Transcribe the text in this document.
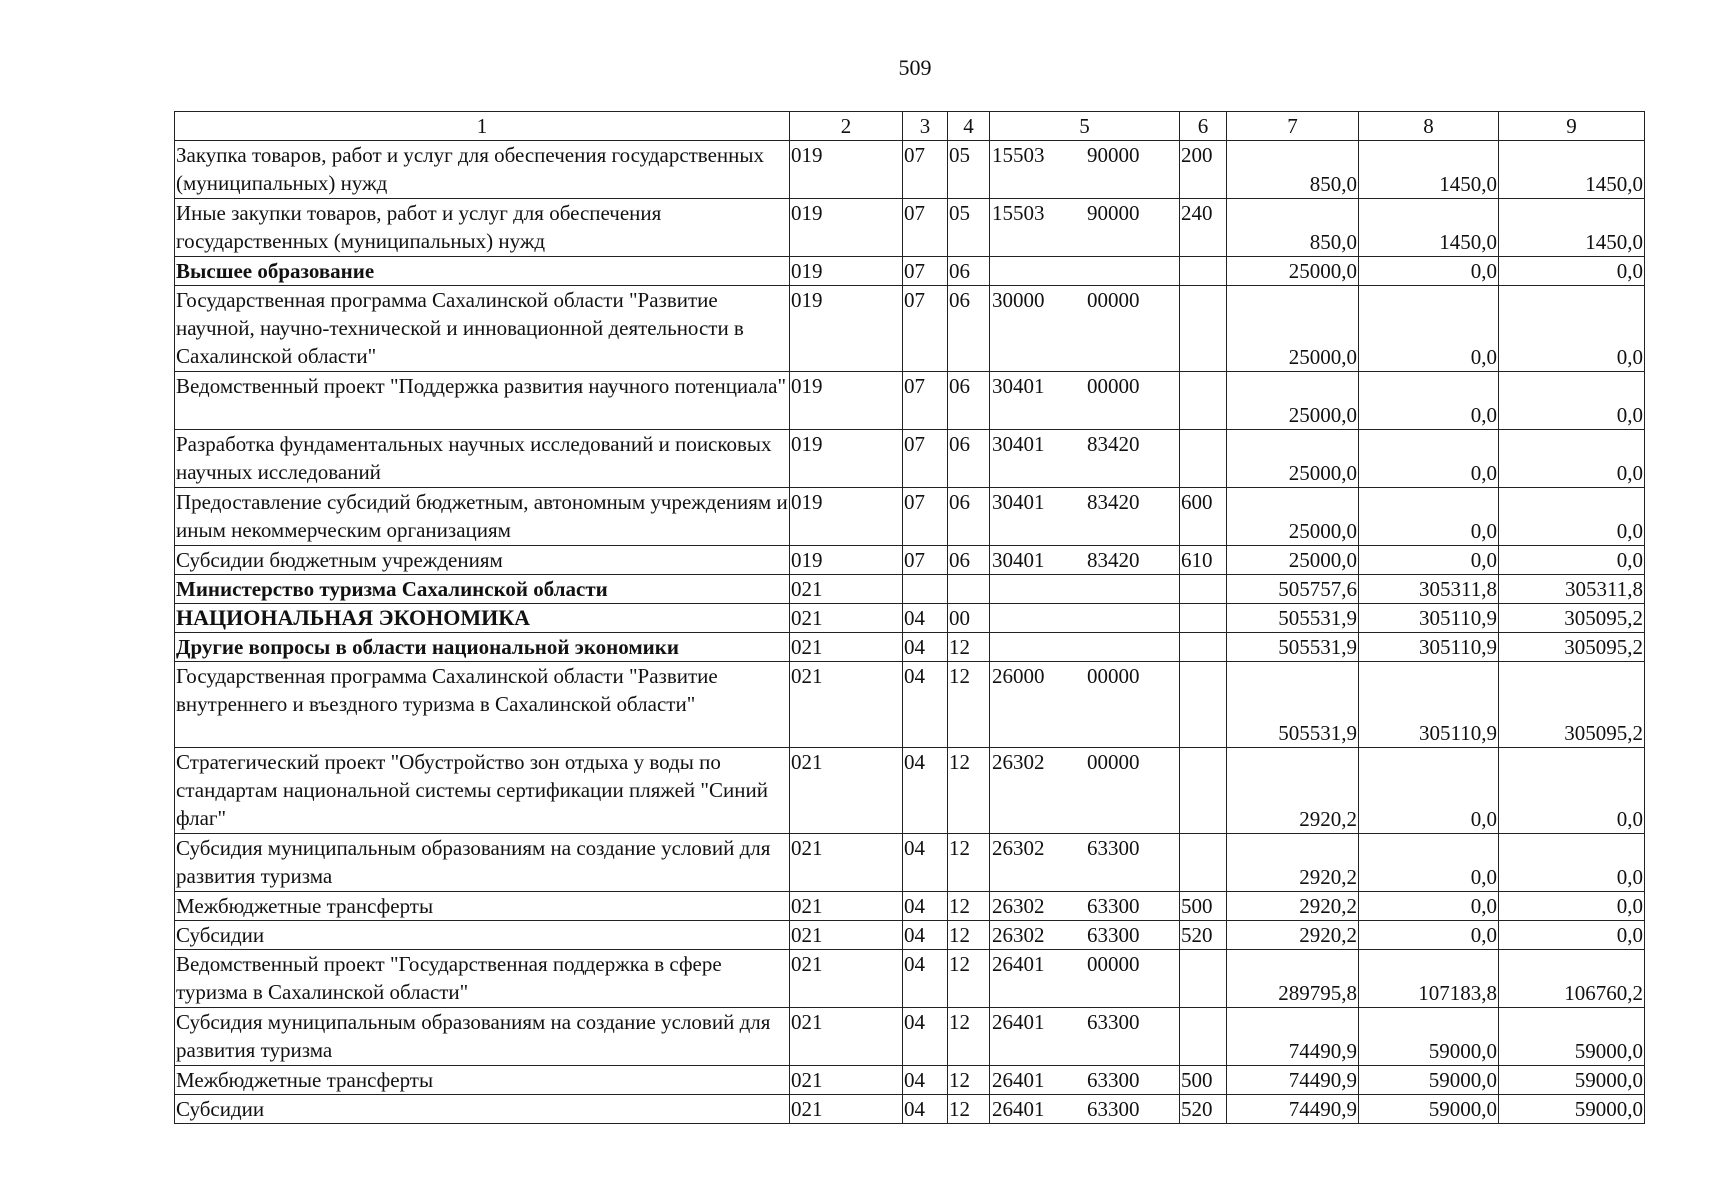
509
1	2	3	4	5	6	7	8	9
Закупка товаров, работ и услуг для обеспечения государственных (муниципальных) нужд	019	07	05	15503 90000	200	850,0	1450,0	1450,0
Иные закупки товаров, работ и услуг для обеспечения государственных (муниципальных) нужд	019	07	05	15503 90000	240	850,0	1450,0	1450,0
Высшее образование	019	07	06			25000,0	0,0	0,0
Государственная программа Сахалинской области "Развитие научной, научно-технической и инновационной деятельности в Сахалинской области"	019	07	06	30000 00000		25000,0	0,0	0,0
Ведомственный проект "Поддержка развития научного потенциала"	019	07	06	30401 00000		25000,0	0,0	0,0
Разработка фундаментальных научных исследований и поисковых научных исследований	019	07	06	30401 83420		25000,0	0,0	0,0
Предоставление субсидий бюджетным, автономным учреждениям и иным некоммерческим организациям	019	07	06	30401 83420	600	25000,0	0,0	0,0
Субсидии бюджетным учреждениям	019	07	06	30401 83420	610	25000,0	0,0	0,0
Министерство туризма Сахалинской области	021					505757,6	305311,8	305311,8
НАЦИОНАЛЬНАЯ ЭКОНОМИКА	021	04	00			505531,9	305110,9	305095,2
Другие вопросы в области национальной экономики	021	04	12			505531,9	305110,9	305095,2
Государственная программа Сахалинской области "Развитие внутреннего и въездного туризма в Сахалинской области"	021	04	12	26000 00000		505531,9	305110,9	305095,2
Стратегический проект "Обустройство зон отдыха у воды по стандартам национальной системы сертификации пляжей "Синий флаг"	021	04	12	26302 00000		2920,2	0,0	0,0
Субсидия муниципальным образованиям на создание условий для развития туризма	021	04	12	26302 63300		2920,2	0,0	0,0
Межбюджетные трансферты	021	04	12	26302 63300	500	2920,2	0,0	0,0
Субсидии	021	04	12	26302 63300	520	2920,2	0,0	0,0
Ведомственный проект "Государственная поддержка в сфере туризма в Сахалинской области"	021	04	12	26401 00000		289795,8	107183,8	106760,2
Субсидия муниципальным образованиям на создание условий для развития туризма	021	04	12	26401 63300		74490,9	59000,0	59000,0
Межбюджетные трансферты	021	04	12	26401 63300	500	74490,9	59000,0	59000,0
Субсидии	021	04	12	26401 63300	520	74490,9	59000,0	59000,0
